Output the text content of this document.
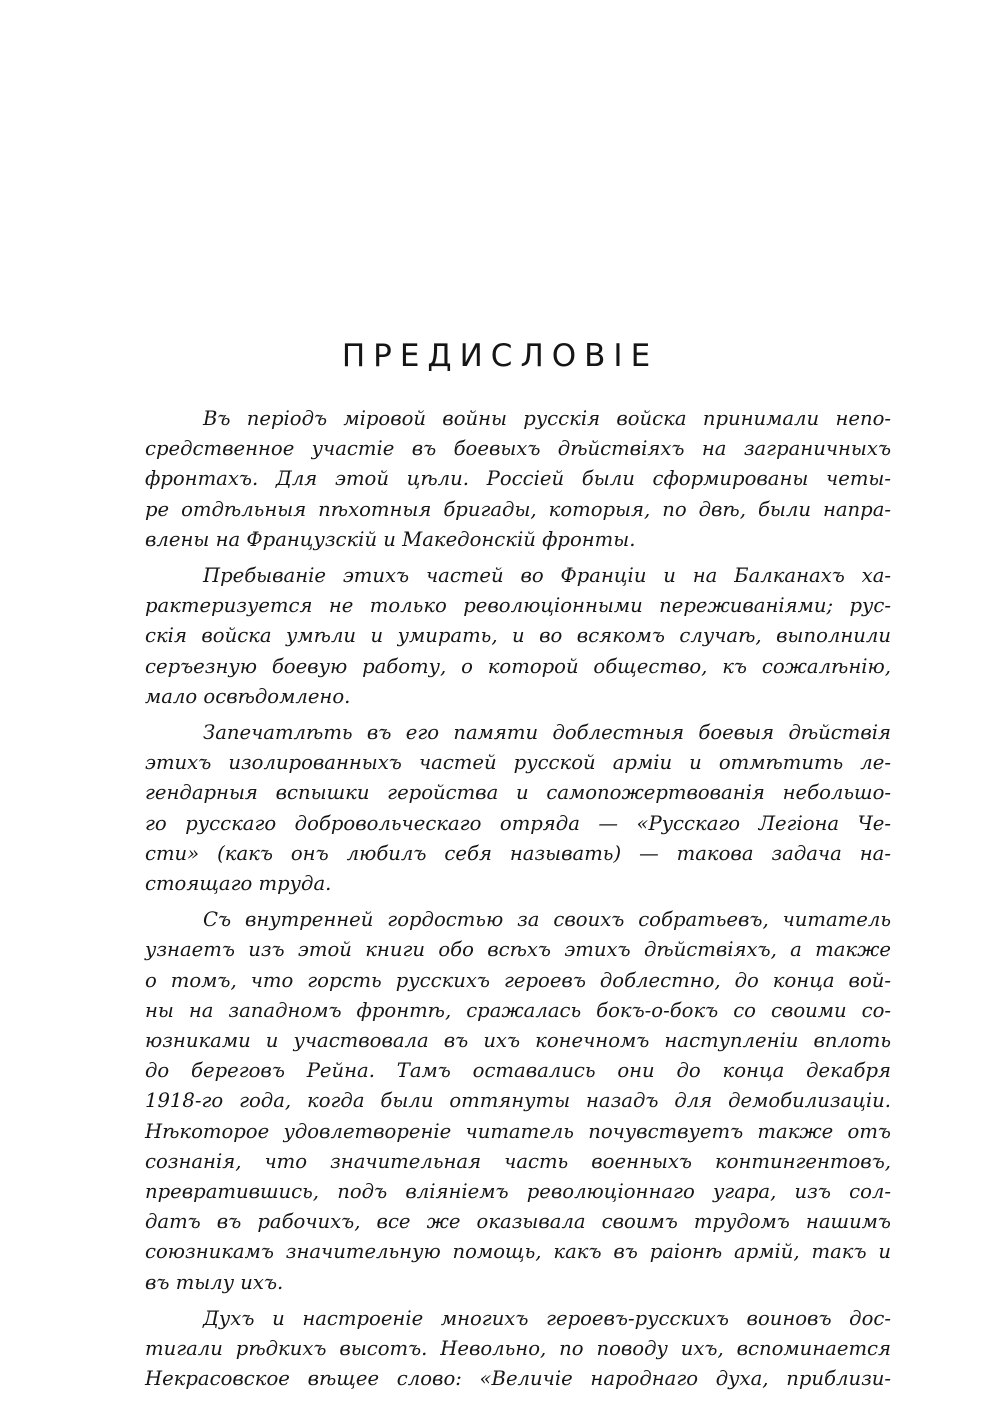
ПРЕДИСЛОВІЕ
Въ періодъ міровой войны русскія войска принимали непо-
средственное участіе въ боевыхъ дѣйствіяхъ на заграничныхъ
фронтахъ. Для этой цѣли. Россіей были сформированы четы-
ре отдѣльныя пѣхотныя бригады, которыя, по двѣ, были напра-
влены на Французскій и Македонскій фронты.
Пребываніе этихъ частей во Франціи и на Балканахъ ха-
рактеризуется не только революціонными переживаніями; рус-
скія войска умѣли и умирать, и во всякомъ случаѣ, выполнили
серъезную боевую работу, о которой общество, къ сожалѣнію,
мало освѣдомлено.
Запечатлѣть въ его памяти доблестныя боевыя дѣйствія
этихъ изолированныхъ частей русской арміи и отмѣтить ле-
гендарныя вспышки геройства и самопожертвованія небольшо-
го русскаго добровольческаго отряда — «Русскаго Легіона Че-
сти» (какъ онъ любилъ себя называть) — такова задача на-
стоящаго труда.
Съ внутренней гордостью за своихъ собратьевъ, читатель
узнаетъ изъ этой книги обо всѣхъ этихъ дѣйствіяхъ, а также
о томъ, что горсть русскихъ героевъ доблестно, до конца вой-
ны на западномъ фронтѣ, сражалась бокъ-о-бокъ со своими со-
юзниками и участвовала въ ихъ конечномъ наступленіи вплоть
до береговъ Рейна. Тамъ оставались они до конца декабря
1918-го года, когда были оттянуты назадъ для демобилизаціи.
Нѣкоторое удовлетвореніе читатель почувствуетъ также отъ
сознанія, что значительная часть военныхъ контингентовъ,
превратившись, подъ вліяніемъ революціоннаго угара, изъ сол-
датъ въ рабочихъ, все же оказывала своимъ трудомъ нашимъ
союзникамъ значительную помощь, какъ въ раіонѣ армій, такъ и
въ тылу ихъ.
Духъ и настроеніе многихъ героевъ-русскихъ воиновъ дос-
тигали рѣдкихъ высотъ. Невольно, по поводу ихъ, вспоминается
Некрасовское вѣщее слово: «Величіе народнаго духа, приблизи-
